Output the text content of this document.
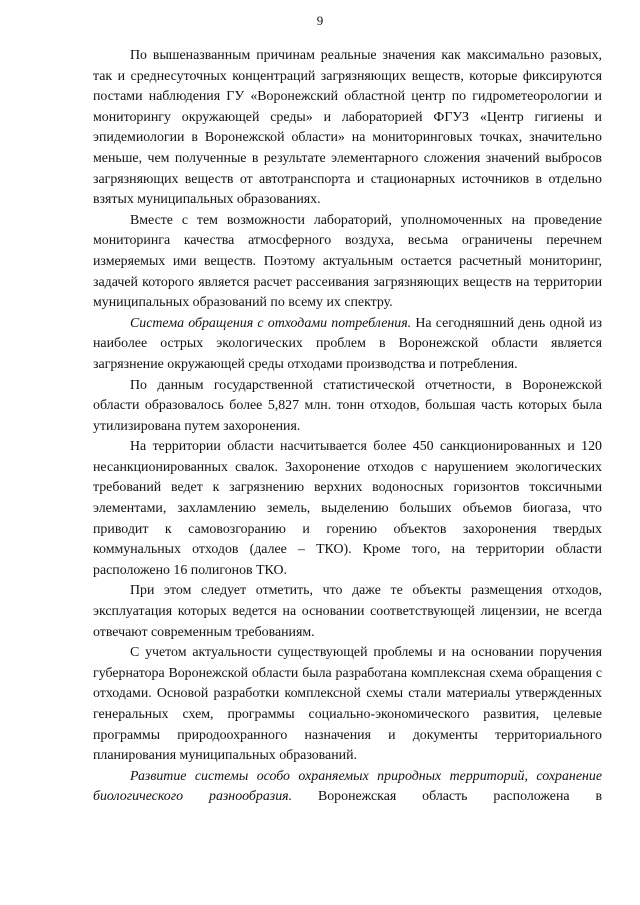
9

По вышеназванным причинам реальные значения как максимально разовых, так и среднесуточных концентраций загрязняющих веществ, которые фиксируются постами наблюдения ГУ «Воронежский областной центр по гидрометеорологии и мониторингу окружающей среды» и лабораторией ФГУЗ «Центр гигиены и эпидемиологии в Воронежской области» на мониторинговых точках, значительно меньше, чем полученные в результате элементарного сложения значений выбросов загрязняющих веществ от автотранспорта и стационарных источников в отдельно взятых муниципальных образованиях.

Вместе с тем возможности лабораторий, уполномоченных на проведение мониторинга качества атмосферного воздуха, весьма ограничены перечнем измеряемых ими веществ. Поэтому актуальным остается расчетный мониторинг, задачей которого является расчет рассеивания загрязняющих веществ на территории муниципальных образований по всему их спектру.

Система обращения с отходами потребления. На сегодняшний день одной из наиболее острых экологических проблем в Воронежской области является загрязнение окружающей среды отходами производства и потребления.

По данным государственной статистической отчетности, в Воронежской области образовалось более 5,827 млн. тонн отходов, большая часть которых была утилизирована путем захоронения.

На территории области насчитывается более 450 санкционированных и 120 несанкционированных свалок. Захоронение отходов с нарушением экологических требований ведет к загрязнению верхних водоносных горизонтов токсичными элементами, захламлению земель, выделению больших объемов биогаза, что приводит к самовозгоранию и горению объектов захоронения твердых коммунальных отходов (далее – ТКО). Кроме того, на территории области расположено 16 полигонов ТКО.

При этом следует отметить, что даже те объекты размещения отходов, эксплуатация которых ведется на основании соответствующей лицензии, не всегда отвечают современным требованиям.

С учетом актуальности существующей проблемы и на основании поручения губернатора Воронежской области была разработана комплексная схема обращения с отходами. Основой разработки комплексной схемы стали материалы утвержденных генеральных схем, программы социально-экономического развития, целевые программы природоохранного назначения и документы территориального планирования муниципальных образований.

Развитие системы особо охраняемых природных территорий, сохранение биологического разнообразия. Воронежская область расположена в
